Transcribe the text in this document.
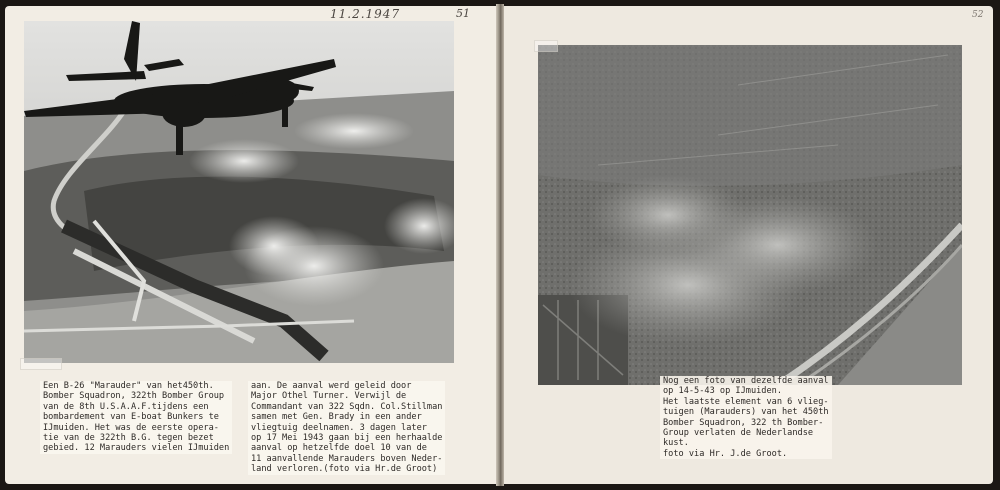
11.2.1947	51	52
Een B-26 "Marauder" van het450th.
Bomber Squadron, 322th Bomber Group
van de 8th U.S.A.A.F.tijdens een
bombardement van E-boat Bunkers te
IJmuiden. Het was de eerste opera-
tie van de 322th B.G. tegen bezet
gebied. 12 Marauders vielen IJmuiden
aan. De aanval werd geleid door
Major Othel Turner. Verwijl de
Commandant van 322 Sqdn. Col.Stillman
samen met Gen. Brady in een ander
vliegtuig deelnamen. 3 dagen later
op 17 Mei 1943 gaan bij een herhaalde
aanval op hetzelfde doel 10 van de
11 aanvallende Marauders boven Neder-
land verloren.(foto via Hr.de Groot)
Nog een foto van dezelfde aanval
op 14-5-43 op IJmuiden.
Het laatste element van 6 vlieg-
tuigen (Marauders) van het 450th
Bomber Squadron, 322 th Bomber-
Group verlaten de Nederlandse
kust.
foto via Hr. J.de Groot.
